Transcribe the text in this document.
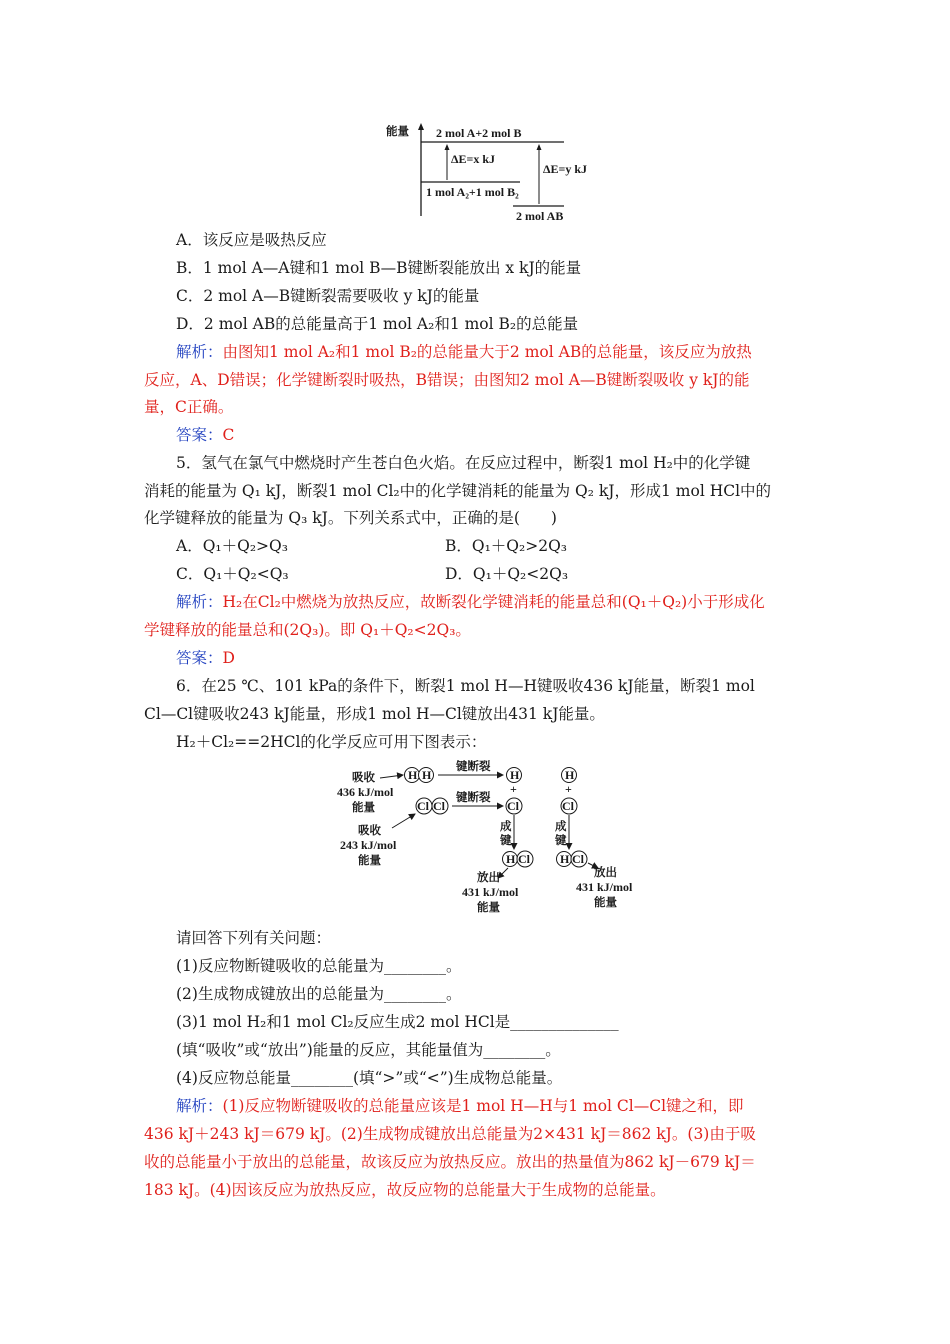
能量 2 mol A+2 mol B
1 mol A₂+1 mol B₂
2 mol AB
ΔE=x kJ
ΔE=y kJ
A．该反应是吸热反应
B．1 mol A—A键和1 mol B—B键断裂能放出 x kJ的能量
C．2 mol A—B键断裂需要吸收 y kJ的能量
D．2 mol AB的总能量高于1 mol A₂和1 mol B₂的总能量
解析：由图知1 mol A₂和1 mol B₂的总能量大于2 mol AB的总能量，该反应为放热
反应，A、D错误；化学键断裂时吸热，B错误；由图知2 mol A—B键断裂吸收 y kJ的能
量，C正确。
答案：C
5．氢气在氯气中燃烧时产生苍白色火焰。在反应过程中，断裂1 mol H₂中的化学键
消耗的能量为 Q₁ kJ，断裂1 mol Cl₂中的化学键消耗的能量为 Q₂ kJ，形成1 mol HCl中的
化学键释放的能量为 Q₃ kJ。下列关系式中，正确的是(　　)
A．Q₁＋Q₂>Q₃	B．Q₁＋Q₂>2Q₃
C．Q₁＋Q₂<Q₃	D．Q₁＋Q₂<2Q₃
解析：H₂在Cl₂中燃烧为放热反应，故断裂化学键消耗的能量总和(Q₁＋Q₂)小于形成化
学键释放的能量总和(2Q₃)。即 Q₁＋Q₂<2Q₃。
答案：D
6．在25 ℃、101 kPa的条件下，断裂1 mol H—H键吸收436 kJ能量，断裂1 mol
Cl—Cl键吸收243 kJ能量，形成1 mol H—Cl键放出431 kJ能量。
H₂＋Cl₂==2HCl的化学反应可用下图表示：
吸收
436 kJ/mol
能量
H H
键断裂
H
+
Cl Cl
键断裂
Cl
吸收
243 kJ/mol
能量
成
键
H Cl
放出
431 kJ/mol
能量
H
+
Cl
成
键
H Cl
放出
431 kJ/mol
能量
请回答下列有关问题：
(1)反应物断键吸收的总能量为________。
(2)生成物成键放出的总能量为________。
(3)1 mol H₂和1 mol Cl₂反应生成2 mol HCl是______________
(填“吸收”或“放出”)能量的反应，其能量值为________。
(4)反应物总能量________(填“>”或“<”)生成物总能量。
解析：(1)反应物断键吸收的总能量应该是1 mol H—H与1 mol Cl—Cl键之和，即
436 kJ＋243 kJ＝679 kJ。(2)生成物成键放出总能量为2×431 kJ＝862 kJ。(3)由于吸
收的总能量小于放出的总能量，故该反应为放热反应。放出的热量值为862 kJ－679 kJ＝
183 kJ。(4)因该反应为放热反应，故反应物的总能量大于生成物的总能量。
